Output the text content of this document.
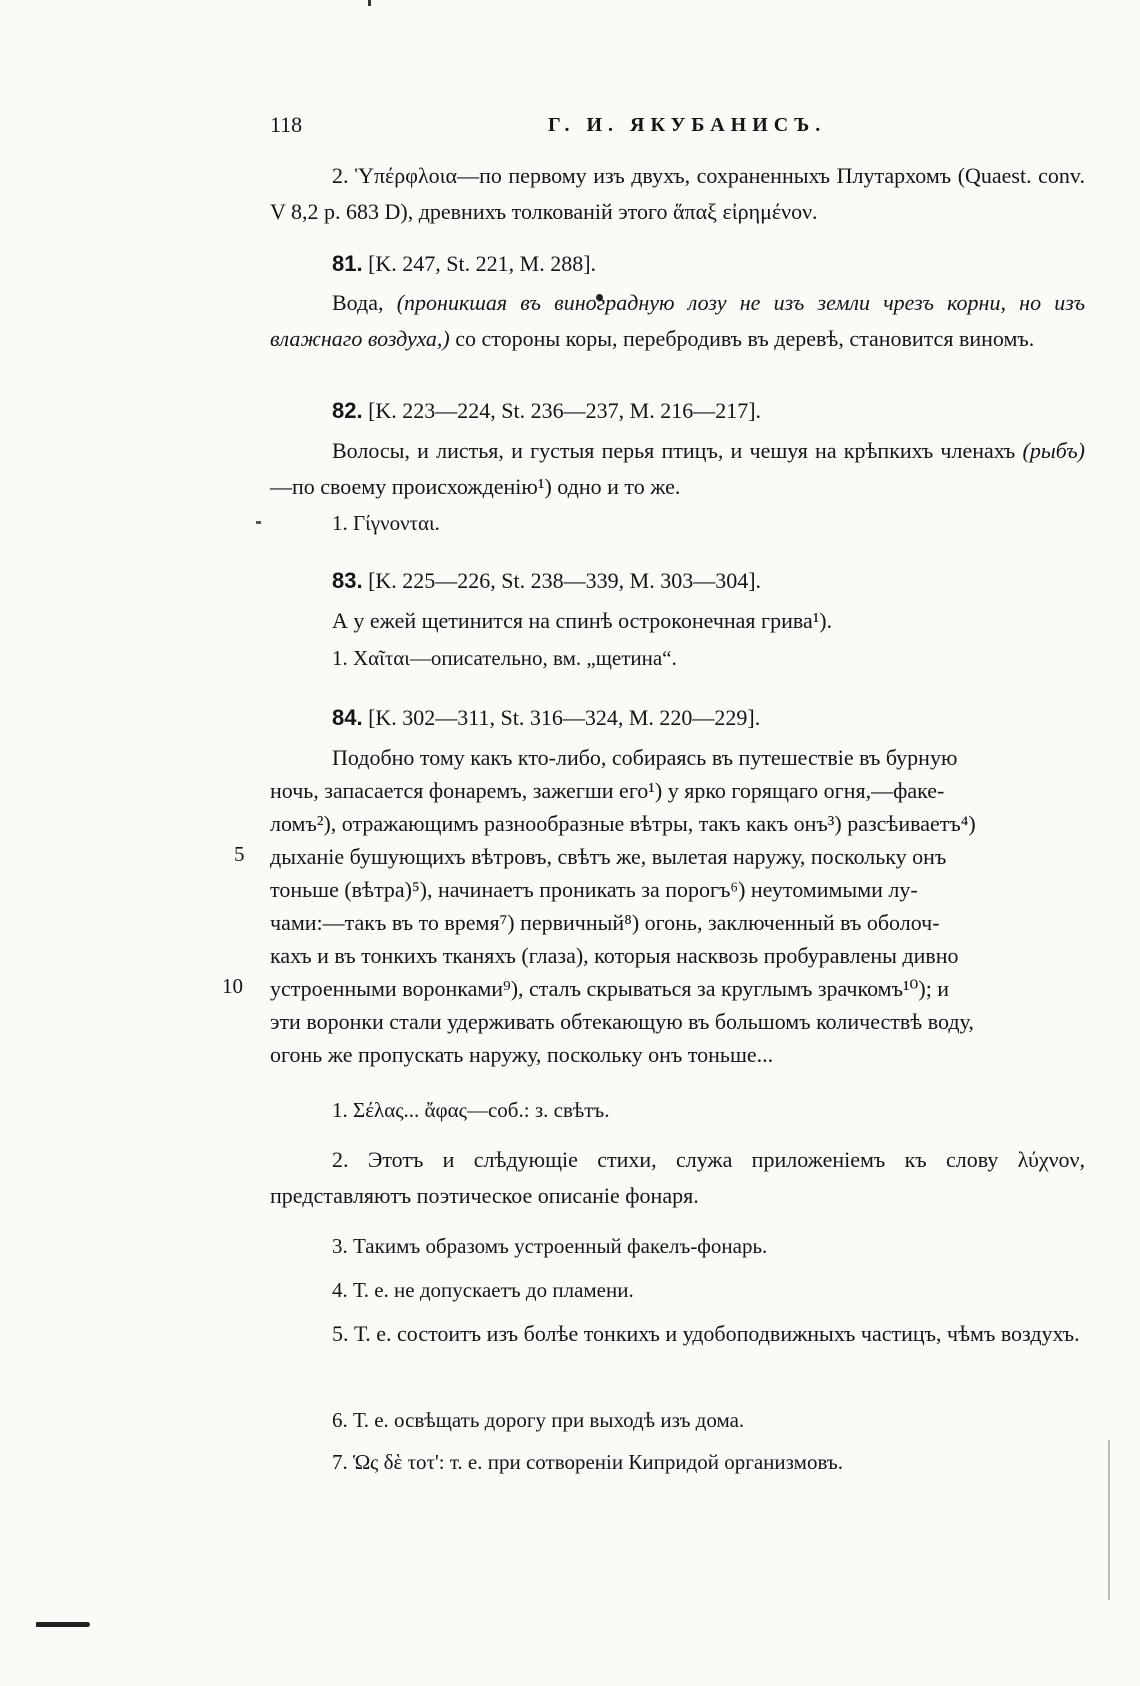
118	Г. И. ЯКУБАНИСЪ.
2. Ὑπέρφλοια—по первому изъ двухъ, сохраненныхъ Плутархомъ (Quaest. conv. V 8,2 p. 683 D), древнихъ толкованій этого ἅπαξ εἰρημένον.
81. [K. 247, St. 221, M. 288].
Вода, (проникшая въ виноградную лозу не изъ земли чрезъ корни, но изъ влажнаго воздуха,) со стороны коры, перебродивъ въ деревѣ, становится виномъ.
82. [K. 223—224, St. 236—237, M. 216—217].
Волосы, и листья, и густыя перья птицъ, и чешуя на крѣпкихъ членахъ (рыбъ)—по своему происхожденію¹) одно и то же.
1. Γίγνονται.
83. [K. 225—226, St. 238—339, M. 303—304].
А у ежей щетинится на спинѣ остроконечная грива¹).
1. Χαῖται—описательно, вм. „щетина“.
84. [K. 302—311, St. 316—324, M. 220—229].
Подобно тому какъ кто-либо, собираясь въ путешествіе въ бурную
ночь, запасается фонаремъ, зажегши его¹) у ярко горящаго огня,—факе-
ломъ²), отражающимъ разнообразные вѣтры, такъ какъ онъ³) разсѣиваетъ⁴)
5 дыханіе бушующихъ вѣтровъ, свѣтъ же, вылетая наружу, поскольку онъ
тоньше (вѣтра)⁵), начинаетъ проникать за порогъ⁶) неутомимыми лу-
чами:—такъ въ то время⁷) первичный⁸) огонь, заключенный въ оболоч-
кахъ и въ тонкихъ тканяхъ (глаза), которыя насквозь пробуравлены дивно
10 устроенными воронками⁹), сталъ скрываться за круглымъ зрачкомъ¹⁰); и
эти воронки стали удерживать обтекающую въ большомъ количествѣ воду,
огонь же пропускать наружу, поскольку онъ тоньше...
1. Σέλας... ἄφας—соб.: з. свѣтъ.
2. Этотъ и слѣдующіе стихи, служа приложеніемъ къ слову λύχνον, представляютъ поэтическое описаніе фонаря.
3. Такимъ образомъ устроенный факелъ-фонарь.
4. Т. е. не допускаетъ до пламени.
5. Т. е. состоитъ изъ болѣе тонкихъ и удобоподвижныхъ частицъ, чѣмъ воздухъ.
6. Т. е. освѣщать дорогу при выходѣ изъ дома.
7. Ὡς δὲ τοτ': т. е. при сотвореніи Кипридой организмовъ.
